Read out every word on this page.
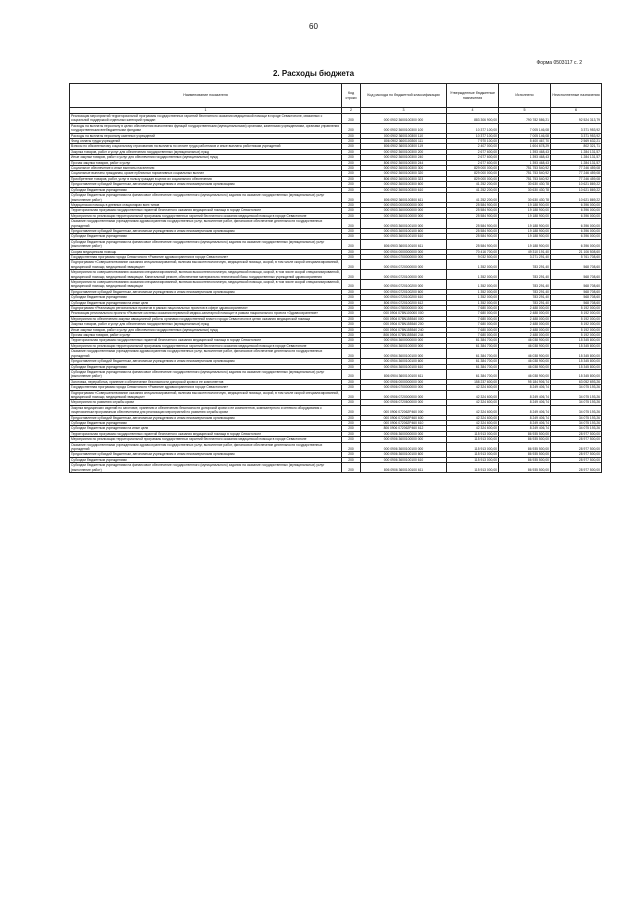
60
Форма 0503117 с. 2
2. Расходы бюджета
Наименование показателя	Код строки	Код расхода по бюджетной классификации	Утвержденные бюджетные назначения	Исполнено	Неисполненные назначения
1	2	3	4	5	6
Реализация мероприятий территориальной программы государственных гарантий бесплатного оказания медицинской помощи в городе Севастополе, связанных с социальной поддержкой отдельных категорий граждан	200	000 0902 3600100300 000	883 306 900,00	790 782 586,21	92 524 313,79
Расходы на выплаты персоналу в целях обеспечения выполнения функций государственными (муниципальными) органами, казенными учреждениями, органами управления государственными внебюджетными фондами	200	000 0902 3600100300 100	10 377 100,00	7 005 146,08	3 371 953,92
Расходы на выплаты персоналу казенных учреждений	200	000 0902 3600100300 110	10 377 100,00	7 005 146,08	3 371 953,92
Фонд оплаты труда учреждений	200	806 0902 3600100300 111	7 970 100,00	5 400 467,70	2 569 632,21
Взносы по обязательному социальному страхованию на выплаты по оплате труда работников и иные выплаты работникам учреждений	200	806 0902 3600100300 119	2 407 000,00	1 604 678,29	802 321,71
Закупка товаров, работ и услуг для обеспечения государственных (муниципальных) нужд	200	000 0902 3600100300 200	2 677 600,00	1 393 468,43	1 284 131,57
Иные закупки товаров, работ и услуг для обеспечения государственных (муниципальных) нужд	200	000 0902 3600100300 240	2 677 600,00	1 393 468,43	1 284 131,57
Прочая закупка товаров, работ и услуг	200	806 0902 3600100300 244	2 677 600,00	1 393 468,43	1 284 131,57
Социальное обеспечение и иные выплаты населению	200	000 0902 3600100300 300	829 000 000,00	751 753 540,92	77 246 459,08
Социальные выплаты гражданам, кроме публичных нормативных социальных выплат	200	000 0902 3600100300 320	829 000 000,00	751 753 540,92	77 246 459,08
Приобретение товаров, работ, услуг в пользу граждан в целях их социального обеспечения	200	806 0902 3600100300 323	829 000 000,00	751 753 540,92	77 246 459,08
Предоставление субсидий бюджетным, автономным учреждениям и иным некоммерческим организациям	200	000 0902 3600100300 600	41 252 200,00	30 630 430,78	10 621 869,22
Субсидии бюджетным учреждениям	200	000 0902 3600100300 610	41 252 200,00	30 630 430,78	10 621 869,22
Субсидии бюджетным учреждениям на финансовое обеспечение государственного (муниципального) задания на оказание государственных (муниципальных) услуг (выполнение работ)	200	806 0902 3600100300 611	41 252 200,00	30 630 430,78	10 621 869,22
Медицинская помощь в дневных стационарах всех типов	200	000 0903 0000000000 000	25 584 900,00	19 188 900,00	6 396 000,00
Территориальная программа государственных гарантий бесплатного оказания медицинской помощи в городе Севастополе	200	000 0903 3600000000 000	25 584 900,00	19 188 900,00	6 396 000,00
Мероприятия по реализации территориальной программы государственных гарантий бесплатного оказания медицинской помощи в городе Севастополе	200	000 0903 3600100000 000	25 584 900,00	19 188 900,00	6 396 000,00
Оказание государственными учреждениями здравоохранения государственных услуг, выполнение работ, финансовое обеспечение деятельности государственных учреждений	200	000 0903 3600100100 000	25 584 900,00	19 188 900,00	6 396 000,00
Предоставление субсидий бюджетным, автономным учреждениям и иным некоммерческим организациям	200	000 0903 3600100100 600	25 584 900,00	19 188 900,00	6 396 000,00
Субсидии бюджетным учреждениям	200	000 0903 3600100100 610	25 584 900,00	19 188 900,00	6 396 000,00
Субсидии бюджетным учреждениям на финансовое обеспечение государственного (муниципального) задания на оказание государственных (муниципальных) услуг (выполнение работ)	200	806 0903 3600100100 611	25 584 900,00	19 188 900,00	6 396 000,00
Скорая медицинская помощь	200	000 0904 0000000000 000	70 416 700,00	49 310 191,40	21 106 508,60
Государственная программа города Севастополя «Развитие здравоохранения в городе Севастополе»	200	000 0904 0700000000 000	9 032 500,00	3 271 291,40	5 761 708,60
Подпрограмма «Совершенствование оказания специализированной, включая высокотехнологичную, медицинской помощи, скорой, в том числе скорой специализированной, медицинской помощи, медицинской эвакуации»	200	000 0904 0720000000 000	1 352 000,00	783 291,40	568 708,60
Мероприятия по совершенствованию оказания специализированной, включая высокотехнологичную, медицинской помощи, скорой, в том числе скорой специализированной, медицинской помощи, медицинской эвакуации. Капитальный ремонт, обеспечение материально-технической базы государственных учреждений здравоохранения	200	000 0904 0720100000 000	1 352 000,00	783 291,40	568 708,60
Мероприятия по совершенствованию оказания специализированной, включая высокотехнологичную, медицинской помощи, скорой, в том числе скорой специализированной, медицинской помощи, медицинской эвакуации	200	000 0904 0720100200 000	1 352 000,00	783 291,40	568 708,60
Предоставление субсидий бюджетным, автономным учреждениям и иным некоммерческим организациям	200	000 0904 0720100200 600	1 352 000,00	783 291,40	568 708,60
Субсидии бюджетным учреждениям	200	000 0904 0720100200 610	1 352 000,00	783 291,40	568 708,60
Субсидии бюджетным учреждениям на иные цели	200	806 0904 0720100200 612	1 352 000,00	783 291,40	568 708,60
Подпрограмма «Реализация региональных проектов в рамках национальных проектов в сфере здравоохранения»	200	000 0904 0780000000 000	7 680 000,00	2 488 000,00	5 192 000,00
Реализация регионального проекта «Развитие системы оказания первичной медико-санитарной помощи» в рамках национального проекта «Здравоохранение»	200	000 0904 078N100000 000	7 680 000,00	2 488 000,00	5 192 000,00
Мероприятия по обеспечению закупки авиационной работы органами государственной власти города Севастополя в целях оказания медицинской помощи	200	000 0904 078N155540 000	7 680 000,00	2 488 000,00	5 192 000,00
Закупка товаров, работ и услуг для обеспечения государственных (муниципальных) нужд	200	000 0904 078N155540 200	7 680 000,00	2 488 000,00	5 192 000,00
Иные закупки товаров, работ и услуг для обеспечения государственных (муниципальных) нужд	200	000 0904 078N155540 240	7 680 000,00	2 488 000,00	5 192 000,00
Прочая закупка товаров, работ и услуг	200	806 0904 078N155540 244	7 680 000,00	2 488 000,00	5 192 000,00
Территориальная программа государственных гарантий бесплатного оказания медицинской помощи в городе Севастополе	200	000 0904 3600000000 000	61 384 700,00	46 038 900,00	15 345 800,00
Мероприятия по реализации территориальной программы государственных гарантий бесплатного оказания медицинской помощи в городе Севастополе	200	000 0904 3600100000 000	61 384 700,00	46 038 900,00	15 345 800,00
Оказание государственными учреждениями здравоохранения государственных услуг, выполнение работ, финансовое обеспечение деятельности государственных учреждений	200	000 0904 3600100100 000	61 384 700,00	46 038 900,00	15 345 800,00
Предоставление субсидий бюджетным, автономным учреждениям и иным некоммерческим организациям	200	000 0904 3600100100 600	61 384 700,00	46 038 900,00	15 345 800,00
Субсидии бюджетным учреждениям	200	000 0904 3600100100 610	61 384 700,00	46 038 900,00	15 345 800,00
Субсидии бюджетным учреждениям на финансовое обеспечение государственного (муниципального) задания на оказание государственных (муниципальных) услуг (выполнение работ)	200	806 0904 3600100100 611	61 384 700,00	46 038 900,00	15 345 800,00
Заготовка, переработка, хранение и обеспечение безопасности донорской крови и ее компонентов	200	000 0906 0000000000 000	158 237 600,00	95 184 906,74	63 052 693,26
Государственная программа города Севастополя «Развитие здравоохранения в городе Севастополе»	200	000 0906 0700000000 000	42 324 600,00	8 249 406,74	34 075 193,26
Подпрограмма «Совершенствование оказания специализированной, включая высокотехнологичную, медицинской помощи, скорой, в том числе скорой специализированной, медицинской помощи, медицинской эвакуации»	200	000 0906 0720000000 000	42 324 600,00	8 249 406,74	34 075 193,26
Мероприятия по развитию службы крови	200	000 0906 0720600000 000	42 324 600,00	8 249 406,74	34 075 193,26
Закупка медицинских изделий по заготовке, хранению и обеспечению безопасности донорской крови и ее компонентов, компьютерного и сетевого оборудования с лицензионным программным обеспечением для реализации мероприятий по развитию службы крови	200	000 0906 072062Р460 000	42 324 600,00	8 249 406,74	34 075 193,26
Предоставление субсидий бюджетным, автономным учреждениям и иным некоммерческим организациям	200	000 0906 072062Р460 600	42 324 600,00	8 249 406,74	34 075 193,26
Субсидии бюджетным учреждениям	200	000 0906 072062Р460 610	42 324 600,00	8 249 406,74	34 075 193,26
Субсидии бюджетным учреждениям на иные цели	200	806 0906 072062Р460 612	42 324 600,00	8 249 406,74	34 075 193,26
Территориальная программа государственных гарантий бесплатного оказания медицинской помощи в городе Севастополе	200	000 0906 3600000000 000	115 913 000,00	86 935 500,00	28 977 500,00
Мероприятия по реализации территориальной программы государственных гарантий бесплатного оказания медицинской помощи в городе Севастополе	200	000 0906 3600100000 000	115 913 000,00	86 935 500,00	28 977 500,00
Оказание государственными учреждениями здравоохранения государственных услуг, выполнение работ, финансовое обеспечение деятельности государственных учреждений	200	000 0906 3600100100 000	115 913 000,00	86 935 500,00	28 977 500,00
Предоставление субсидий бюджетным, автономным учреждениям и иным некоммерческим организациям	200	000 0906 3600100100 600	115 913 000,00	86 935 500,00	28 977 500,00
Субсидии бюджетным учреждениям	200	000 0906 3600100100 610	115 913 000,00	86 935 500,00	28 977 500,00
Субсидии бюджетным учреждениям на финансовое обеспечение государственного (муниципального) задания на оказание государственных (муниципальных) услуг (выполнение работ)	200	806 0906 3600100100 611	115 913 000,00	86 935 500,00	28 977 500,00
